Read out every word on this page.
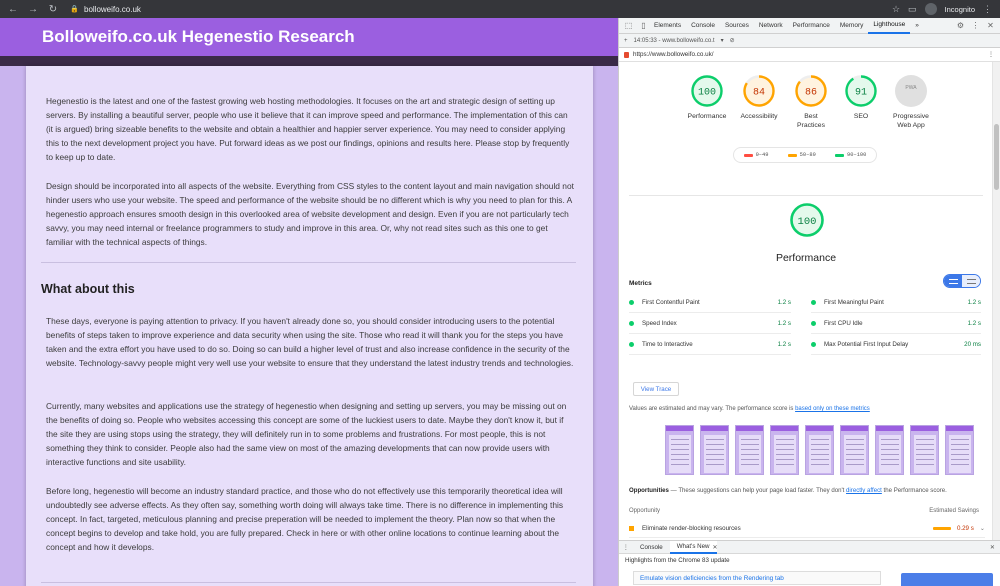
← → ↻	🔒 bolloweifo.co.uk	☆ ▭	Incognito ⋮
Bolloweifo.co.uk Hegenestio Research

Hegenestio is the latest and one of the fastest growing web hosting methodologies. It focuses on the art and strategic design of setting up servers. By installing a beautiful server, people who use it believe that it can improve speed and performance. The implementation of this can (it is argued) bring sizeable benefits to the website and obtain a healthier and happier server experience. You may need to consider applying this to the next development project you have. Put forward ideas as we post our findings, opinions and results here. Please stop by frequently to keep up to date.

Design should be incorporated into all aspects of the website. Everything from CSS styles to the content layout and main navigation should not hinder users who use your website. The speed and performance of the website should be no different which is why you need to plan for this. A hegenestio approach ensures smooth design in this overlooked area of website development and design. Even if you are not particularly tech savvy, you may need internal or freelance programmers to study and improve in this area. Or, why not read sites such as this one to get familiar with the technical aspects of things.

What about this

These days, everyone is paying attention to privacy. If you haven't already done so, you should consider introducing users to the potential benefits of steps taken to improve experience and data security when using the site. Those who read it will thank you for the steps you have taken and the extra effort you have used to do so. Doing so can build a higher level of trust and also increase confidence in the security of the website. Technology-savvy people might very well use your website to ensure that they understand the latest industry trends and technologies.

Currently, many websites and applications use the strategy of hegenestio when designing and setting up servers, you may be missing out on the benefits of doing so. People who websites accessing this concept are some of the luckiest users to date. Maybe they don't know it, but if the site they are using stops using the strategy, they will definitely run in to some problems and frustrations. For most people, this is not something they think to consider. People also had the same view on most of the amazing developments that can now provide users with interactive functions and site usability.

Before long, hegenestio will become an industry standard practice, and those who do not effectively use this temporarily theoretical idea will undoubtedly see adverse effects. As they often say, something worth doing will always take time. There is no difference in implementing this concept. In fact, targeted, meticulous planning and precise preperation will be needed to implement the theory. Plan now so that when the concept begins to develop and take hold, you are fully prepared. Check in here or with other online locations to continue learning about the concept and how it develops.

⬚	▯	Elements	Console	Sources	Network	Performance	Memory	Lighthouse	»	⚙ ⋮ ✕
+ 14:05:33 - www.bolloweifo.co.t ▾ ⊘
https://www.bolloweifo.co.uk/	⋮
100
Performance
84
Accessibility
86
Best Practices
91
SEO
PWA
Progressive Web App
0–49	50–89	90–100
100
Performance
Metrics
First Contentful Paint	1.2 s	First Meaningful Paint	1.2 s
Speed Index	1.2 s	First CPU Idle	1.2 s
Time to Interactive	1.2 s	Max Potential First Input Delay	20 ms
View Trace
Values are estimated and may vary. The performance score is based only on these metrics
Opportunities — These suggestions can help your page load faster. They don't directly affect the Performance score.
Opportunity	Estimated Savings
Eliminate render-blocking resources	0.29 s ⌄
⋮	Console	What's New ✕	✕
Highlights from the Chrome 83 update
Emulate vision deficiencies from the Rendering tab
